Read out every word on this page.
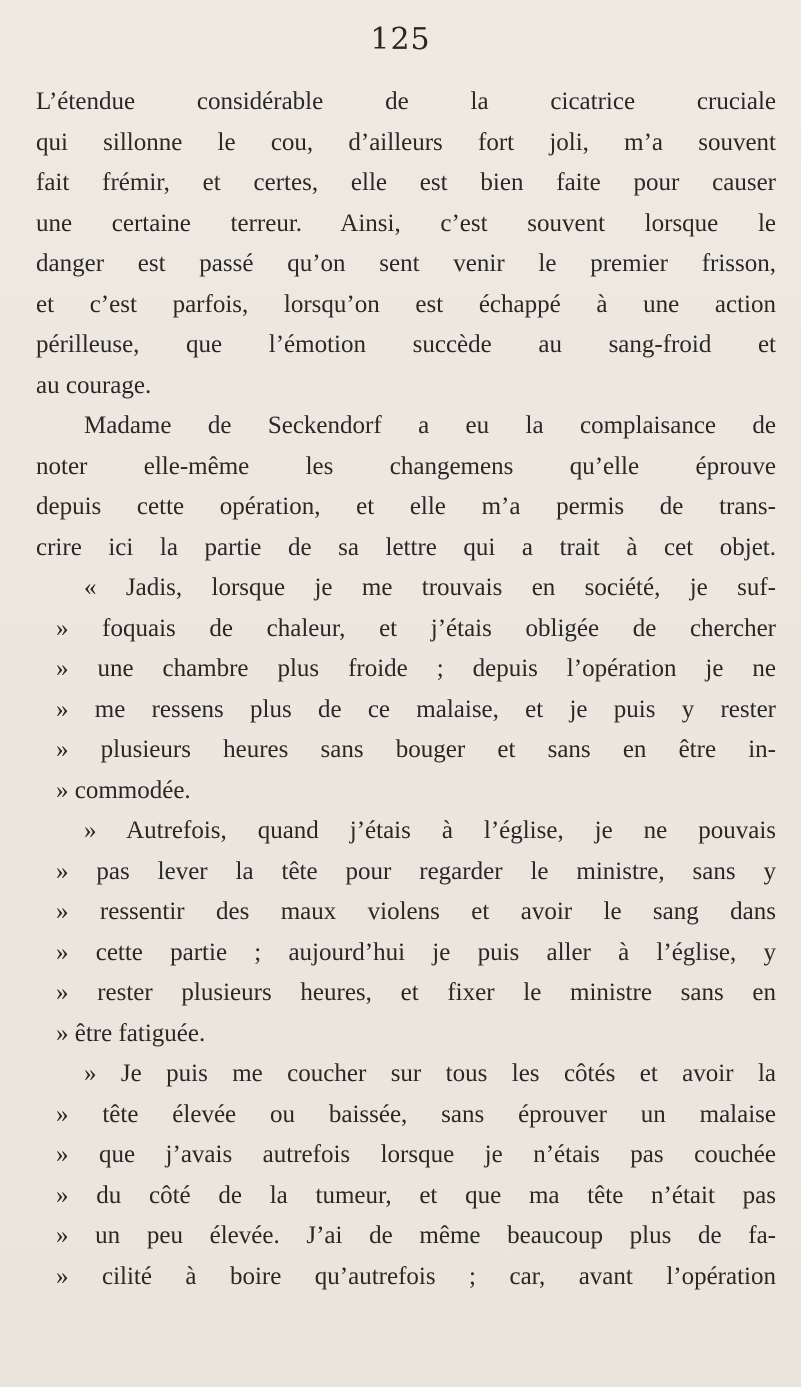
125
L’étendue considérable de la cicatrice cruciale
qui sillonne le cou, d’ailleurs fort joli, m’a souvent
fait frémir, et certes, elle est bien faite pour causer
une certaine terreur. Ainsi, c’est souvent lorsque le
danger est passé qu’on sent venir le premier frisson,
et c’est parfois, lorsqu’on est échappé à une action
périlleuse, que l’émotion succède au sang-froid et
au courage.
Madame de Seckendorf a eu la complaisance de
noter elle-même les changemens qu’elle éprouve
depuis cette opération, et elle m’a permis de trans-
crire ici la partie de sa lettre qui a trait à cet objet.
« Jadis, lorsque je me trouvais en société, je suf-
» foquais de chaleur, et j’étais obligée de chercher
» une chambre plus froide ; depuis l’opération je ne
» me ressens plus de ce malaise, et je puis y rester
» plusieurs heures sans bouger et sans en être in-
» commodée.
» Autrefois, quand j’étais à l’église, je ne pouvais
» pas lever la tête pour regarder le ministre, sans y
» ressentir des maux violens et avoir le sang dans
» cette partie ; aujourd’hui je puis aller à l’église, y
» rester plusieurs heures, et fixer le ministre sans en
» être fatiguée.
» Je puis me coucher sur tous les côtés et avoir la
» tête élevée ou baissée, sans éprouver un malaise
» que j’avais autrefois lorsque je n’étais pas couchée
» du côté de la tumeur, et que ma tête n’était pas
» un peu élevée. J’ai de même beaucoup plus de fa-
» cilité à boire qu’autrefois ; car, avant l’opération
